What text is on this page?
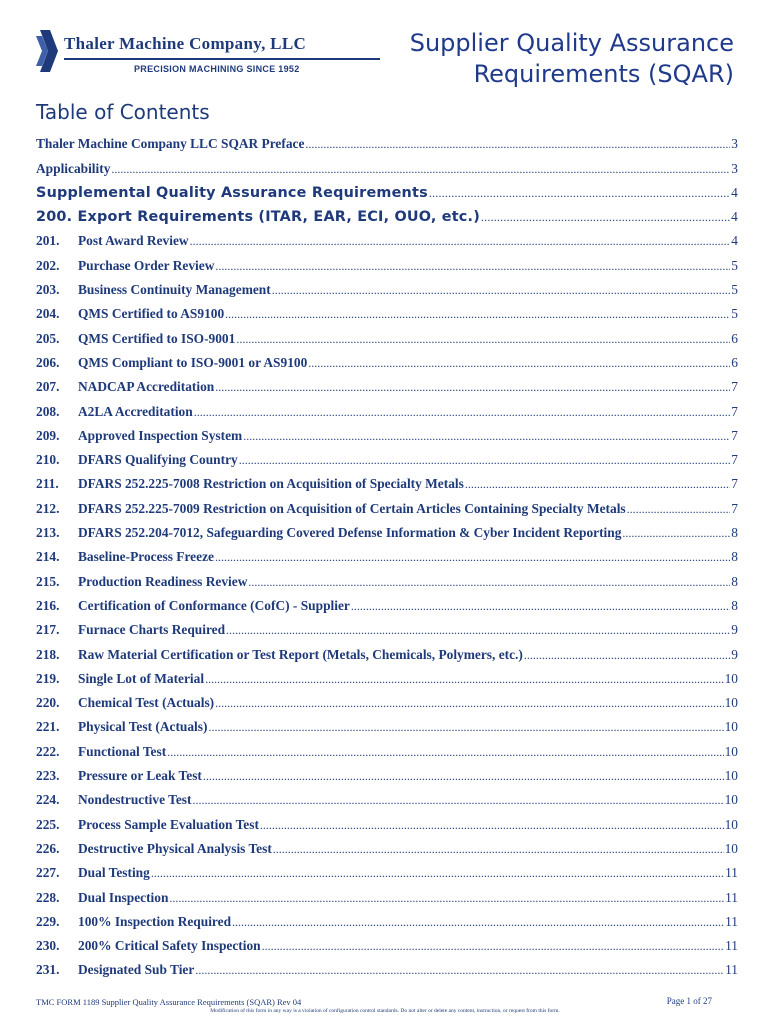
Thaler Machine Company, LLC
PRECISION MACHINING SINCE 1952
Supplier Quality Assurance
Requirements (SQAR)
Table of Contents
Thaler Machine Company LLC SQAR Preface .....	3
Applicability .....	3
Supplemental Quality Assurance Requirements .....	4
200. Export Requirements (ITAR, EAR, ECI, OUO, etc.) .....	4
201.	Post Award Review .....	4
202.	Purchase Order Review .....	5
203.	Business Continuity Management .....	5
204.	QMS Certified to AS9100 .....	5
205.	QMS Certified to ISO-9001 .....	6
206.	QMS Compliant to ISO-9001 or AS9100 .....	6
207.	NADCAP Accreditation .....	7
208.	A2LA Accreditation .....	7
209.	Approved Inspection System .....	7
210.	DFARS Qualifying Country .....	7
211.	DFARS 252.225-7008 Restriction on Acquisition of Specialty Metals .....	7
212.	DFARS 252.225-7009 Restriction on Acquisition of Certain Articles Containing Specialty Metals .....	7
213.	DFARS 252.204-7012, Safeguarding Covered Defense Information & Cyber Incident Reporting .....	8
214.	Baseline-Process Freeze .....	8
215.	Production Readiness Review .....	8
216.	Certification of Conformance (CofC) - Supplier .....	8
217.	Furnace Charts Required .....	9
218.	Raw Material Certification or Test Report (Metals, Chemicals, Polymers, etc.) .....	9
219.	Single Lot of Material .....	10
220.	Chemical Test (Actuals) .....	10
221.	Physical Test (Actuals) .....	10
222.	Functional Test .....	10
223.	Pressure or Leak Test .....	10
224.	Nondestructive Test .....	10
225.	Process Sample Evaluation Test .....	10
226.	Destructive Physical Analysis Test .....	10
227.	Dual Testing .....	11
228.	Dual Inspection .....	11
229.	100% Inspection Required .....	11
230.	200% Critical Safety Inspection .....	11
231.	Designated Sub Tier .....	11
TMC FORM 1189 Supplier Quality Assurance Requirements (SQAR) Rev 04	Page 1 of 27
Modification of this form in any way is a violation of configuration control standards. Do not alter or delete any content, instruction, or request from this form.
